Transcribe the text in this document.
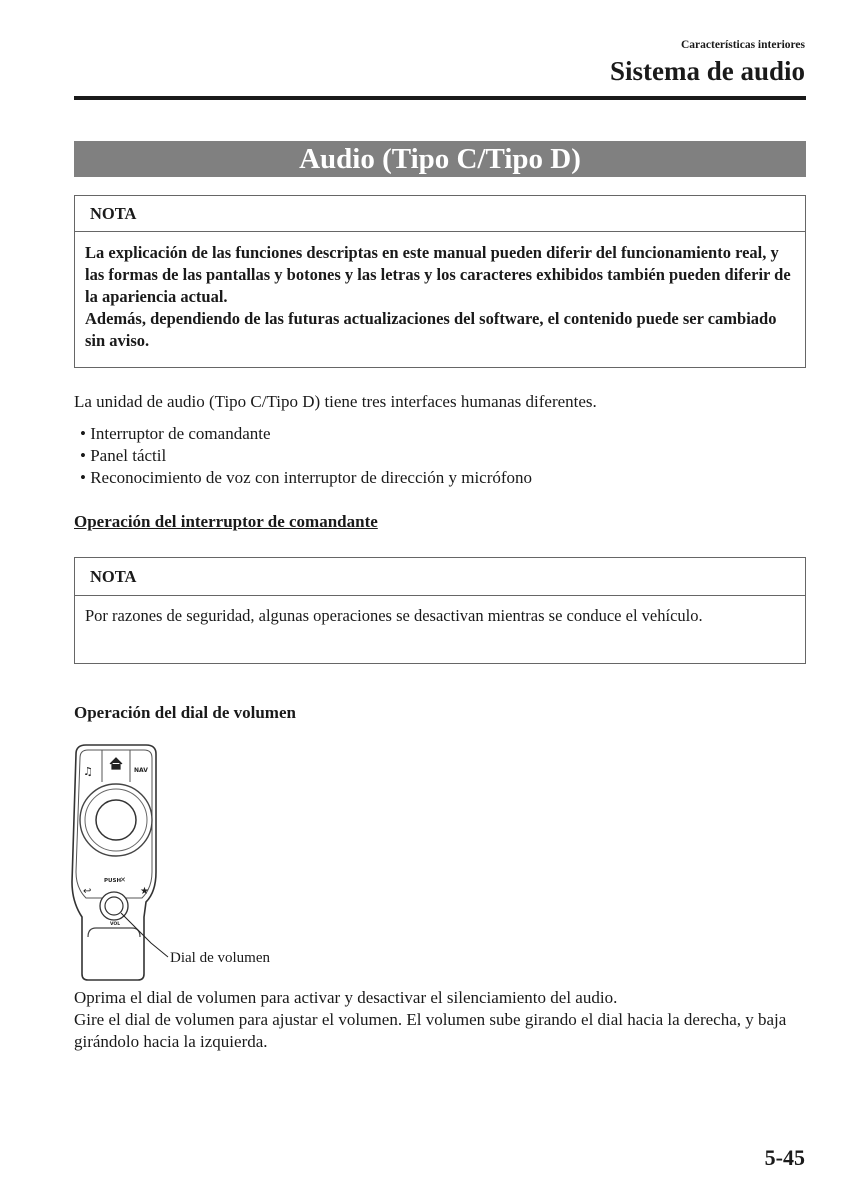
Características interiores
Sistema de audio
Audio (Tipo C/Tipo D)
NOTA

La explicación de las funciones descriptas en este manual pueden diferir del funcionamiento real, y las formas de las pantallas y botones y las letras y los caracteres exhibidos también pueden diferir de la apariencia actual.

Además, dependiendo de las futuras actualizaciones del software, el contenido puede ser cambiado sin aviso.

La unidad de audio (Tipo C/Tipo D) tiene tres interfaces humanas diferentes.
• Interruptor de comandante
• Panel táctil
• Reconocimiento de voz con interruptor de dirección y micrófono
Operación del interruptor de comandante
NOTA
Por razones de seguridad, algunas operaciones se desactivan mientras se conduce el vehículo.
Operación del dial de volumen
♫	NAV
↩	★
PUSH
✕
VOL
Dial de volumen

Oprima el dial de volumen para activar y desactivar el silenciamiento del audio.

Gire el dial de volumen para ajustar el volumen. El volumen sube girando el dial hacia la derecha, y baja girándolo hacia la izquierda.

5-45
